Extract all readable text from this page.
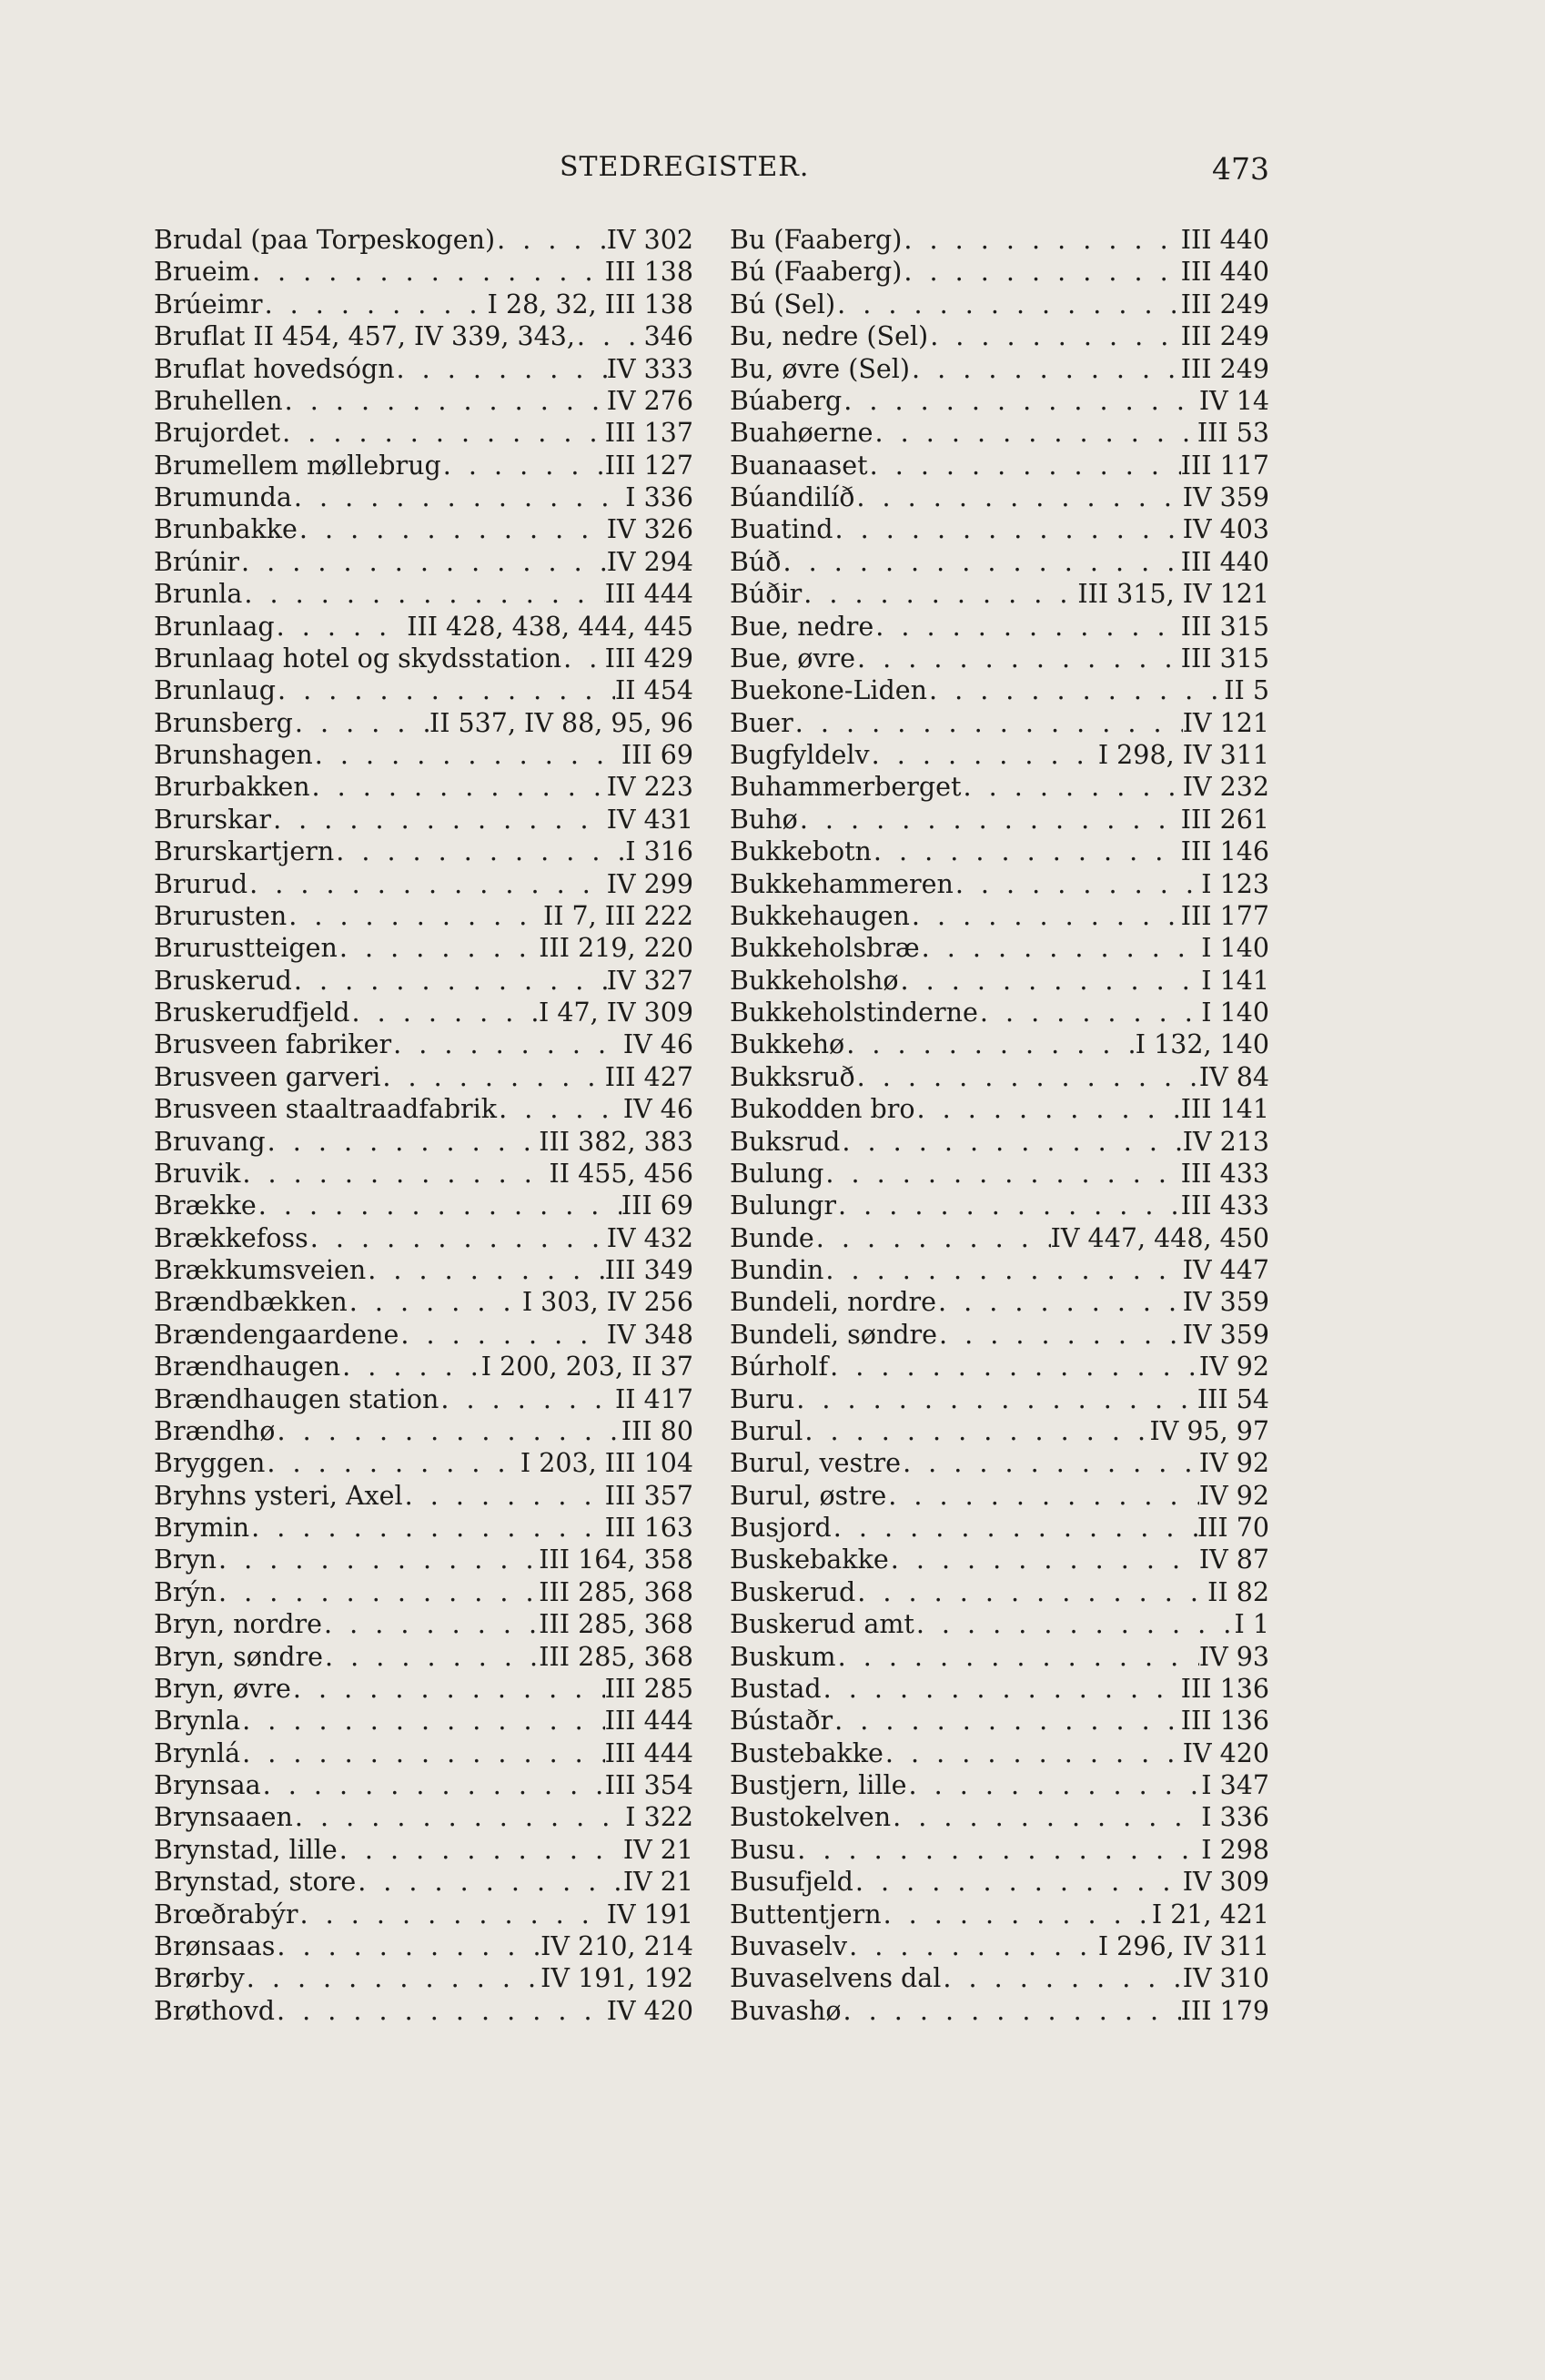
STEDREGISTER.	473
Brudal (paa Torpeskogen) . . .	IV 302
Brueim . . .	III 138
Brúeimr . . .	I 28, 32, III 138
Bruflat II 454, 457, IV 339, 343, . . .	346
Bruflat hovedsógn . . .	IV 333
Bruhellen . . .	IV 276
Brujordet . . .	III 137
Brumellem møllebrug . . .	III 127
Brumunda . . .	I 336
Brunbakke . . .	IV 326
Brúnir . . .	IV 294
Brunla . . .	III 444
Brunlaag . . .	III 428, 438, 444, 445
Brunlaag hotel og skydsstation . . . III 429
Brunlaug . . .	II 454
Brunsberg . . .	II 537, IV 88, 95, 96
Brunshagen . . .	III 69
Brurbakken . . .	IV 223
Brurskar . . .	IV 431
Brurskartjern . . .	I 316
Brurud . . .	IV 299
Brurusten . . .	II 7, III 222
Brurustteigen . . .	III 219, 220
Bruskerud . . .	IV 327
Bruskerudfjeld . . .	I 47, IV 309
Brusveen fabriker . . .	IV 46
Brusveen garveri . . .	III 427
Brusveen staaltraadfabrik . . .	IV 46
Bruvang . . .	III 382, 383
Bruvik . . .	II 455, 456
Brække . . .	III 69
Brækkefoss . . .	IV 432
Brækkumsveien . . .	III 349
Brændbækken . . .	I 303, IV 256
Brændengaardene . . .	IV 348
Brændhaugen . . .	I 200, 203, II 37
Brændhaugen station . . .	II 417
Brændhø . . .	III 80
Bryggen . . .	I 203, III 104
Bryhns ysteri, Axel . . .	III 357
Brymin . . .	III 163
Bryn . . .	III 164, 358
Brýn . . .	III 285, 368
Bryn, nordre . . .	III 285, 368
Bryn, søndre . . .	III 285, 368
Bryn, øvre . . .	III 285
Brynla . . .	III 444
Brynlá . . .	III 444
Brynsaa . . .	III 354
Brynsaaen . . .	I 322
Brynstad, lille . . .	IV 21
Brynstad, store . . .	IV 21
Brœðrabýr . . .	IV 191
Brønsaas . . .	IV 210, 214
Brørby . . .	IV 191, 192
Brøthovd . . .	IV 420
Bu (Faaberg) . . .	III 440
Bú (Faaberg) . . .	III 440
Bú (Sel) . . .	III 249
Bu, nedre (Sel) . . .	III 249
Bu, øvre (Sel) . . .	III 249
Búaberg . . .	IV 14
Buahøerne . . .	III 53
Buanaaset . . .	III 117
Búandilíð . . .	IV 359
Buatind . . .	IV 403
Búð . . .	III 440
Búðir . . .	III 315, IV 121
Bue, nedre . . .	III 315
Bue, øvre . . .	III 315
Buekone-Liden . . .	II 5
Buer . . .	IV 121
Bugfyldelv . . .	I 298, IV 311
Buhammerberget . . .	IV 232
Buhø . . .	III 261
Bukkebotn . . .	III 146
Bukkehammeren . . .	I 123
Bukkehaugen . . .	III 177
Bukkeholsbræ . . .	I 140
Bukkeholshø . . .	I 141
Bukkeholstinderne . . .	I 140
Bukkehø . . .	I 132, 140
Bukksruð . . .	IV 84
Bukodden bro . . .	III 141
Buksrud . . .	IV 213
Bulung . . .	III 433
Bulungr . . .	III 433
Bunde . . .	IV 447, 448, 450
Bundin . . .	IV 447
Bundeli, nordre . . .	IV 359
Bundeli, søndre . . .	IV 359
Búrholf . . .	IV 92
Buru . . .	III 54
Burul . . .	IV 95, 97
Burul, vestre . . .	IV 92
Burul, østre . . .	IV 92
Busjord . . .	III 70
Buskebakke . . .	IV 87
Buskerud . . .	II 82
Buskerud amt . . .	I 1
Buskum . . .	IV 93
Bustad . . .	III 136
Bústaðr . . .	III 136
Bustebakke . . .	IV 420
Bustjern, lille . . .	I 347
Bustokelven . . .	I 336
Busu . . .	I 298
Busufjeld . . .	IV 309
Buttentjern . . .	I 21, 421
Buvaselv . . .	I 296, IV 311
Buvaselvens dal . . .	IV 310
Buvashø . . .	III 179
